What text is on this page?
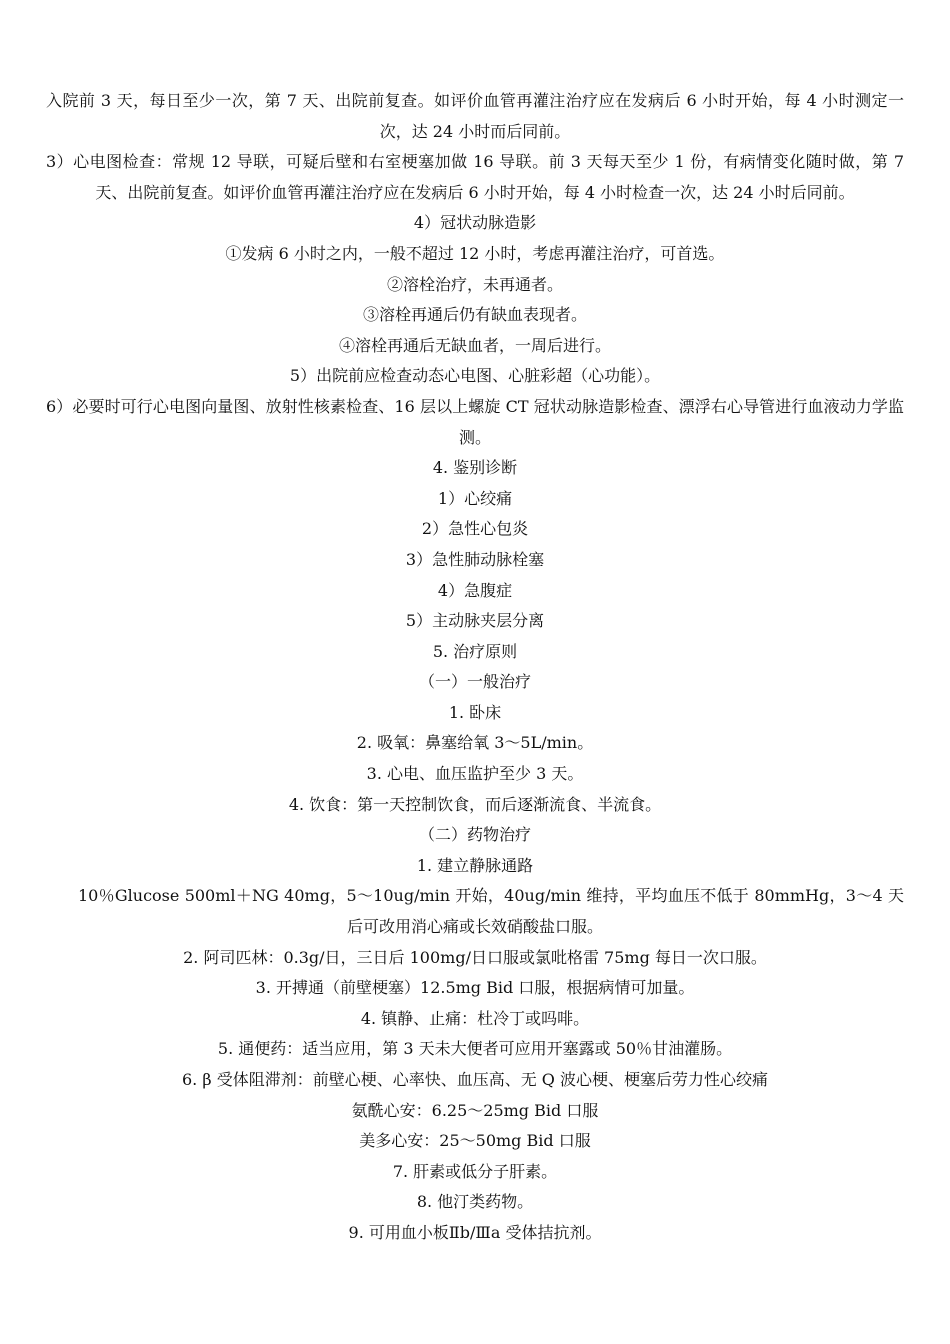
入院前 3 天，每日至少一次，第 7 天、出院前复查。如评价血管再灌注治疗应在发病后 6 小时开始，每 4 小时测定一次，达 24 小时而后同前。

3）心电图检查：常规 12 导联，可疑后壁和右室梗塞加做 16 导联。前 3 天每天至少 1 份，有病情变化随时做，第 7 天、出院前复查。如评价血管再灌注治疗应在发病后 6 小时开始，每 4 小时检查一次，达 24 小时后同前。

4）冠状动脉造影

①发病 6 小时之内，一般不超过 12 小时，考虑再灌注治疗，可首选。

②溶栓治疗，未再通者。

③溶栓再通后仍有缺血表现者。

④溶栓再通后无缺血者，一周后进行。

5）出院前应检查动态心电图、心脏彩超（心功能）。

6）必要时可行心电图向量图、放射性核素检查、16 层以上螺旋 CT 冠状动脉造影检查、漂浮右心导管进行血液动力学监测。

4. 鉴别诊断

1）心绞痛

2）急性心包炎

3）急性肺动脉栓塞

4）急腹症

5）主动脉夹层分离

5. 治疗原则

（一）一般治疗

1. 卧床

2. 吸氧：鼻塞给氧 3～5L/min。

3. 心电、血压监护至少 3 天。

4. 饮食：第一天控制饮食，而后逐渐流食、半流食。

（二）药物治疗

1. 建立静脉通路

10％Glucose 500ml＋NG 40mg，5～10ug/min 开始，40ug/min 维持，平均血压不低于 80mmHg，3～4 天后可改用消心痛或长效硝酸盐口服。

2. 阿司匹林：0.3g/日，三日后 100mg/日口服或氯吡格雷 75mg 每日一次口服。

3. 开搏通（前壁梗塞）12.5mg Bid 口服，根据病情可加量。

4. 镇静、止痛：杜冷丁或吗啡。

5. 通便药：适当应用，第 3 天未大便者可应用开塞露或 50％甘油灌肠。

6. β 受体阻滞剂：前壁心梗、心率快、血压高、无 Q 波心梗、梗塞后劳力性心绞痛

氨酰心安：6.25～25mg Bid 口服

美多心安：25～50mg Bid 口服

7. 肝素或低分子肝素。

8. 他汀类药物。

9. 可用血小板Ⅱb/Ⅲa 受体拮抗剂。
